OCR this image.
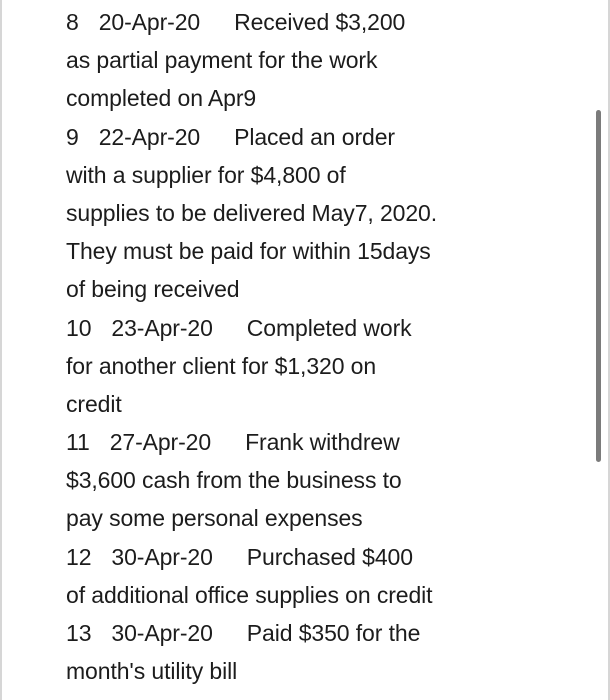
8 20-Apr-20 Received $3,200
as partial payment for the work
completed on Apr9
9 22-Apr-20 Placed an order
with a supplier for $4,800 of
supplies to be delivered May7, 2020.
They must be paid for within 15days
of being received
10 23-Apr-20 Completed work
for another client for $1,320 on
credit
11 27-Apr-20 Frank withdrew
$3,600 cash from the business to
pay some personal expenses
12 30-Apr-20 Purchased $400
of additional office supplies on credit
13 30-Apr-20 Paid $350 for the
month's utility bill
